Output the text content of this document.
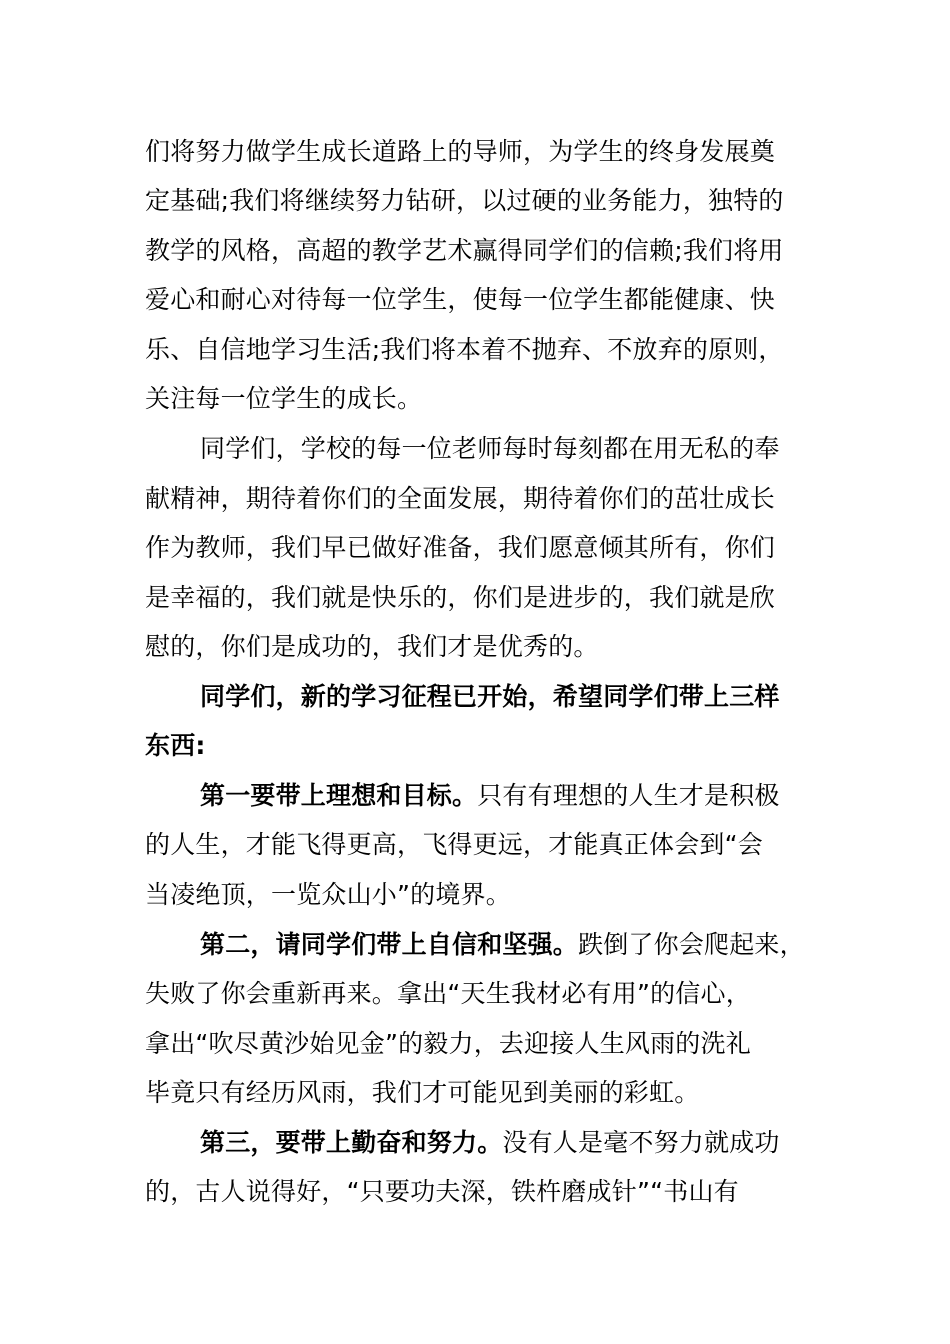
们将努力做学生成长道路上的导师，为学生的终身发展奠
定基础;我们将继续努力钻研，以过硬的业务能力，独特的
教学的风格，高超的教学艺术赢得同学们的信赖;我们将用
爱心和耐心对待每一位学生，使每一位学生都能健康、快
乐、自信地学习生活;我们将本着不抛弃、不放弃的原则，
关注每一位学生的成长。
同学们，学校的每一位老师每时每刻都在用无私的奉
献精神，期待着你们的全面发展，期待着你们的茁壮成长
作为教师，我们早已做好准备，我们愿意倾其所有，你们
是幸福的，我们就是快乐的，你们是进步的，我们就是欣
慰的，你们是成功的，我们才是优秀的。
同学们，新的学习征程已开始，希望同学们带上三样
东西:
第一要带上理想和目标。只有有理想的人生才是积极
的人生，才能飞得更高，飞得更远，才能真正体会到“会
当凌绝顶，一览众山小”的境界。
第二，请同学们带上自信和坚强。跌倒了你会爬起来，
失败了你会重新再来。拿出“天生我材必有用”的信心，
拿出“吹尽黄沙始见金”的毅力，去迎接人生风雨的洗礼
毕竟只有经历风雨，我们才可能见到美丽的彩虹。
第三，要带上勤奋和努力。没有人是毫不努力就成功
的，古人说得好，“只要功夫深，铁杵磨成针”“书山有
